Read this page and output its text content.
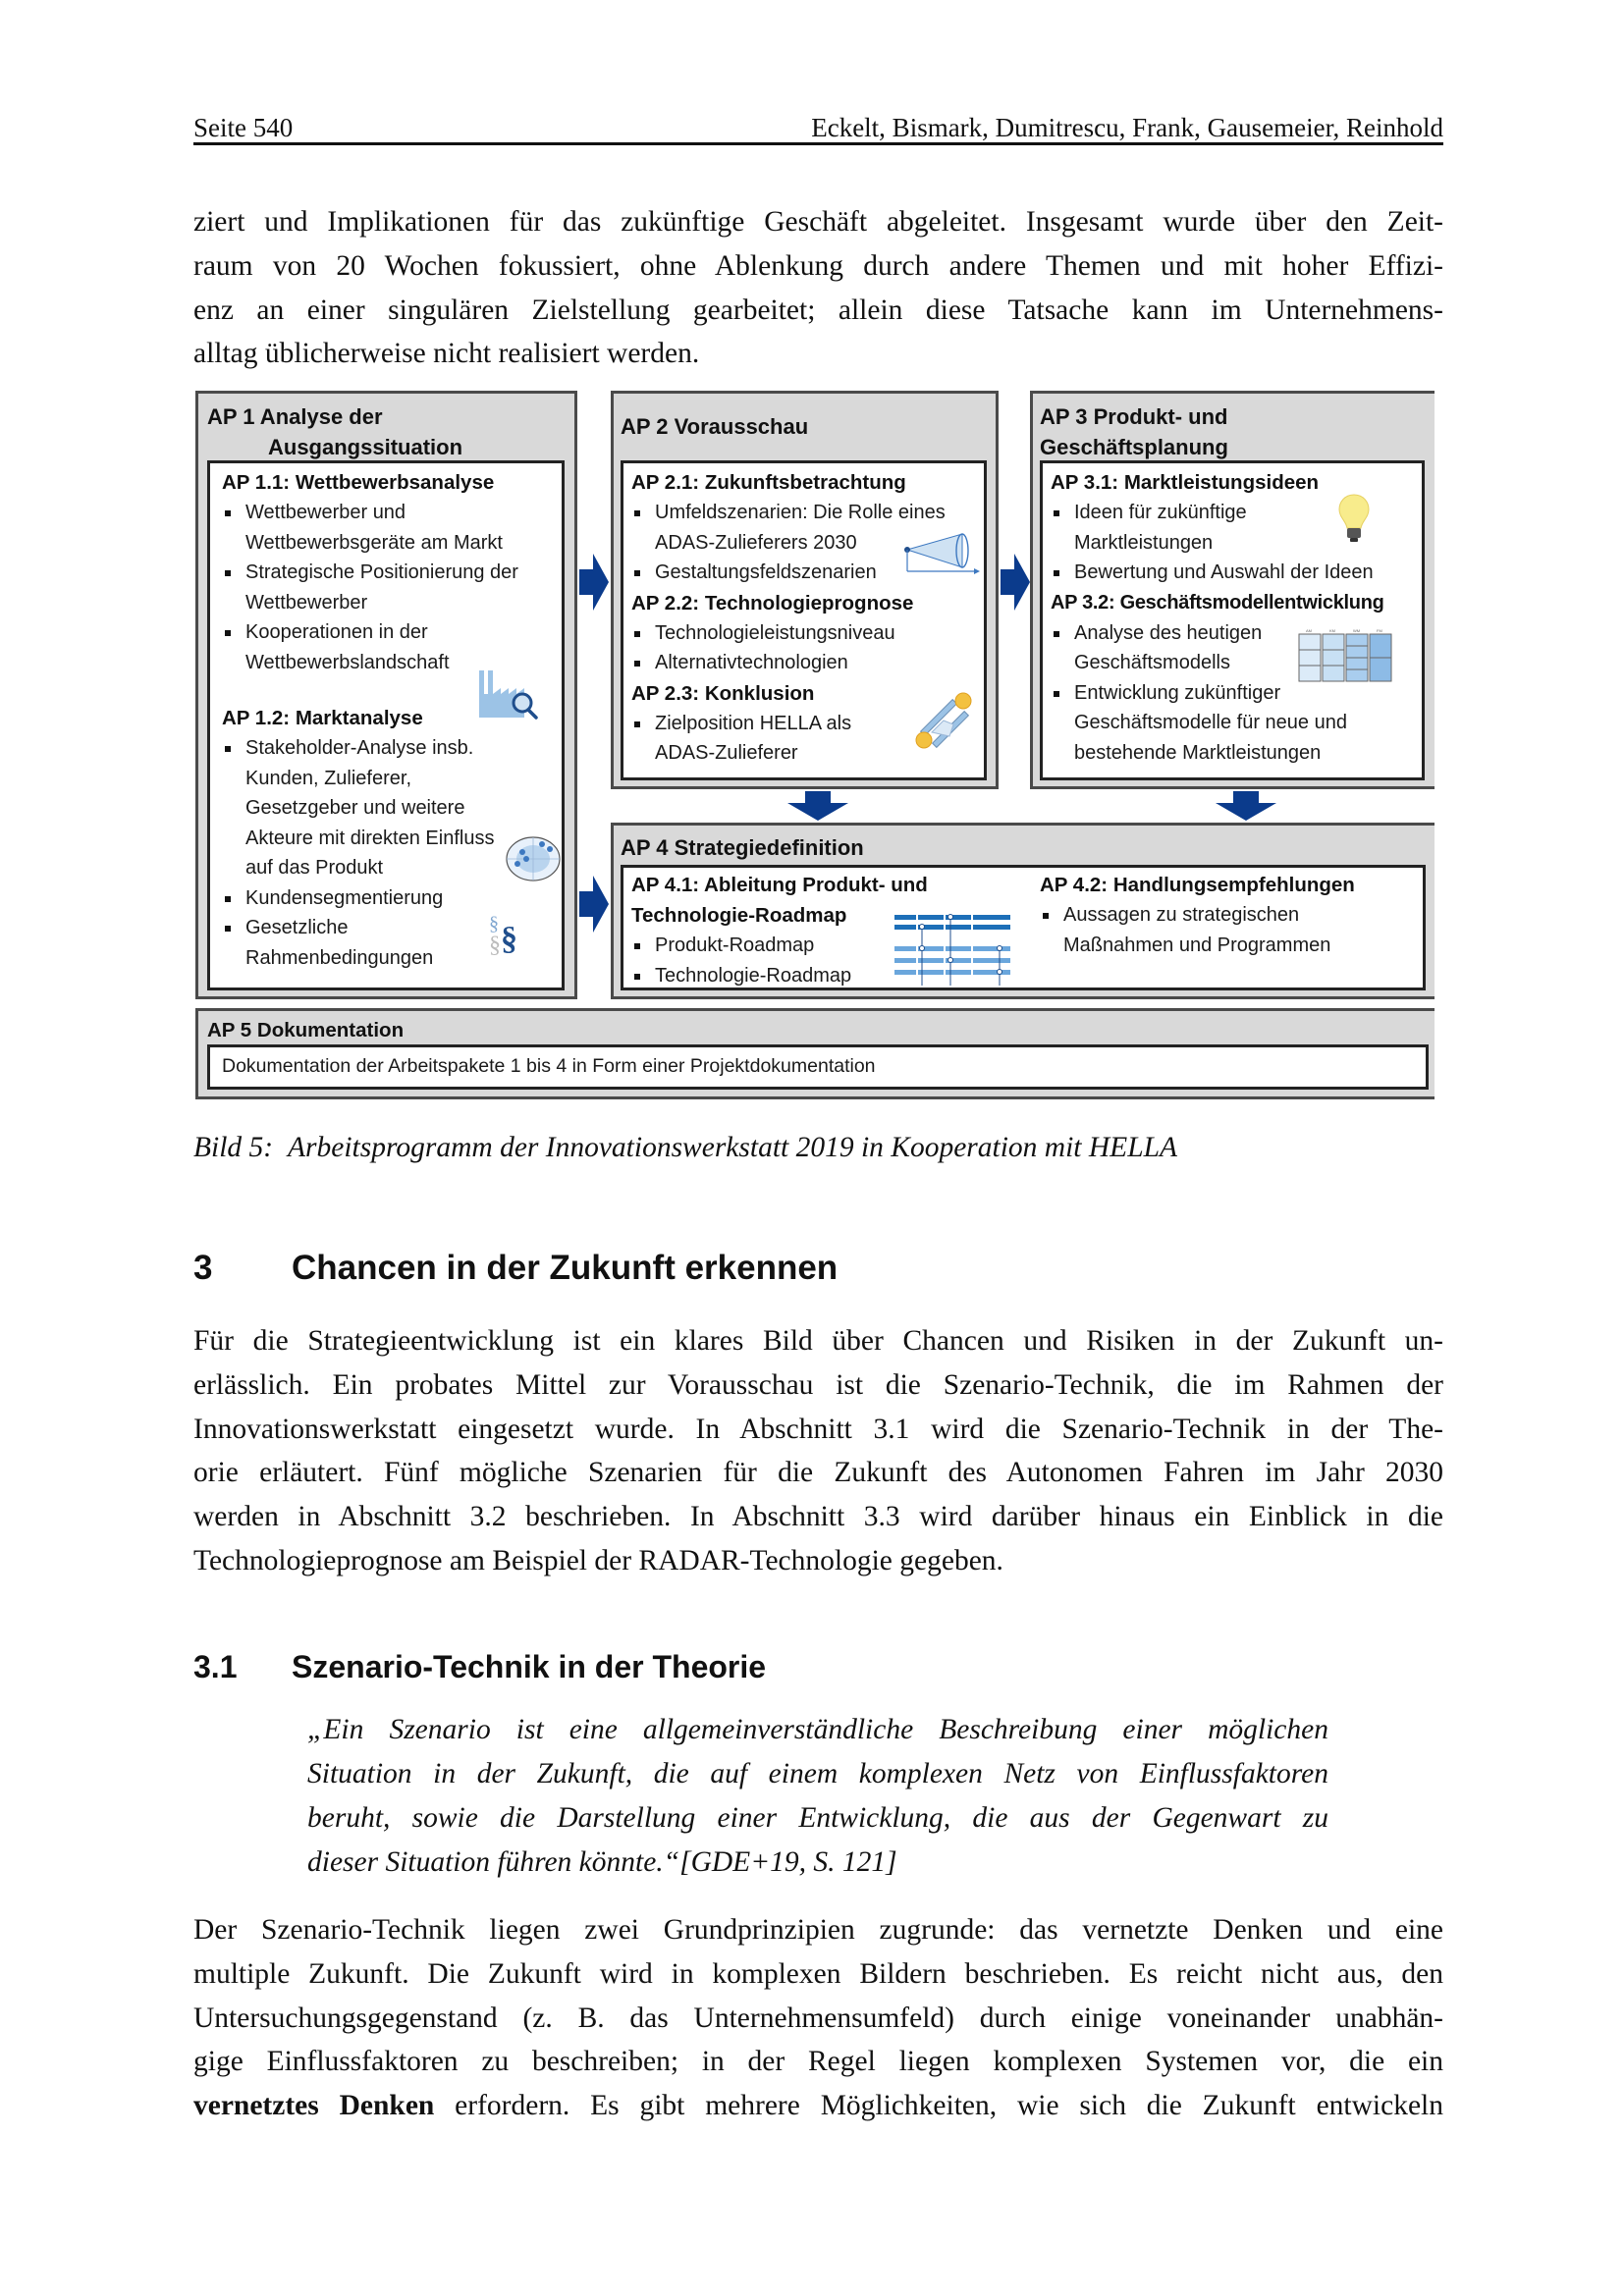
Seite 540	Eckelt, Bismark, Dumitrescu, Frank, Gausemeier, Reinhold
ziert und Implikationen für das zukünftige Geschäft abgeleitet. Insgesamt wurde über den Zeit-
raum von 20 Wochen fokussiert, ohne Ablenkung durch andere Themen und mit hoher Effizi-
enz an einer singulären Zielstellung gearbeitet; allein diese Tatsache kann im Unternehmens-
alltag üblicherweise nicht realisiert werden.
AP 1 Analyse der
Ausgangssituation
AP 1.1: Wettbewerbsanalyse
Wettbewerber und
Wettbewerbsgeräte am Markt
Strategische Positionierung der
Wettbewerber
Kooperationen in der
Wettbewerbslandschaft
AP 1.2: Marktanalyse
Stakeholder-Analyse insb.
Kunden, Zulieferer,
Gesetzgeber und weitere
Akteure mit direkten Einfluss
auf das Produkt
Kundensegmentierung
Gesetzliche
Rahmenbedingungen
§
§ §
AP 2 Vorausschau
AP 2.1: Zukunftsbetrachtung
Umfeldszenarien: Die Rolle eines
ADAS-Zulieferers 2030
Gestaltungsfeldszenarien
AP 2.2: Technologieprognose
Technologieleistungsniveau
Alternativtechnologien
AP 2.3: Konklusion
Zielposition HELLA als
ADAS-Zulieferer
AP 3 Produkt- und
Geschäftsplanung
AP 3.1: Marktleistungsideen
Ideen für zukünftige
Marktleistungen
Bewertung und Auswahl der Ideen
AP 3.2: Geschäftsmodellentwicklung
Analyse des heutigen
Geschäftsmodells
Entwicklung zukünftiger
Geschäftsmodelle für neue und
bestehende Marktleistungen
AM	KM	WM	FM
AP 4 Strategiedefinition
AP 4.1: Ableitung Produkt- und
Technologie-Roadmap
Produkt-Roadmap
Technologie-Roadmap
AP 4.2: Handlungsempfehlungen
Aussagen zu strategischen
Maßnahmen und Programmen
AP 5 Dokumentation
Dokumentation der Arbeitspakete 1 bis 4 in Form einer Projektdokumentation
Bild 5: Arbeitsprogramm der Innovationswerkstatt 2019 in Kooperation mit HELLA
3 Chancen in der Zukunft erkennen
Für die Strategieentwicklung ist ein klares Bild über Chancen und Risiken in der Zukunft un-
erlässlich. Ein probates Mittel zur Vorausschau ist die Szenario-Technik, die im Rahmen der
Innovationswerkstatt eingesetzt wurde. In Abschnitt 3.1 wird die Szenario-Technik in der The-
orie erläutert. Fünf mögliche Szenarien für die Zukunft des Autonomen Fahren im Jahr 2030
werden in Abschnitt 3.2 beschrieben. In Abschnitt 3.3 wird darüber hinaus ein Einblick in die
Technologieprognose am Beispiel der RADAR-Technologie gegeben.
3.1 Szenario-Technik in der Theorie
„Ein Szenario ist eine allgemeinverständliche Beschreibung einer möglichen
Situation in der Zukunft, die auf einem komplexen Netz von Einflussfaktoren
beruht, sowie die Darstellung einer Entwicklung, die aus der Gegenwart zu
dieser Situation führen könnte.“[GDE+19, S. 121]
Der Szenario-Technik liegen zwei Grundprinzipien zugrunde: das vernetzte Denken und eine
multiple Zukunft. Die Zukunft wird in komplexen Bildern beschrieben. Es reicht nicht aus, den
Untersuchungsgegenstand (z. B. das Unternehmensumfeld) durch einige voneinander unabhän-
gige Einflussfaktoren zu beschreiben; in der Regel liegen komplexen Systemen vor, die ein
vernetztes Denken erfordern. Es gibt mehrere Möglichkeiten, wie sich die Zukunft entwickeln
